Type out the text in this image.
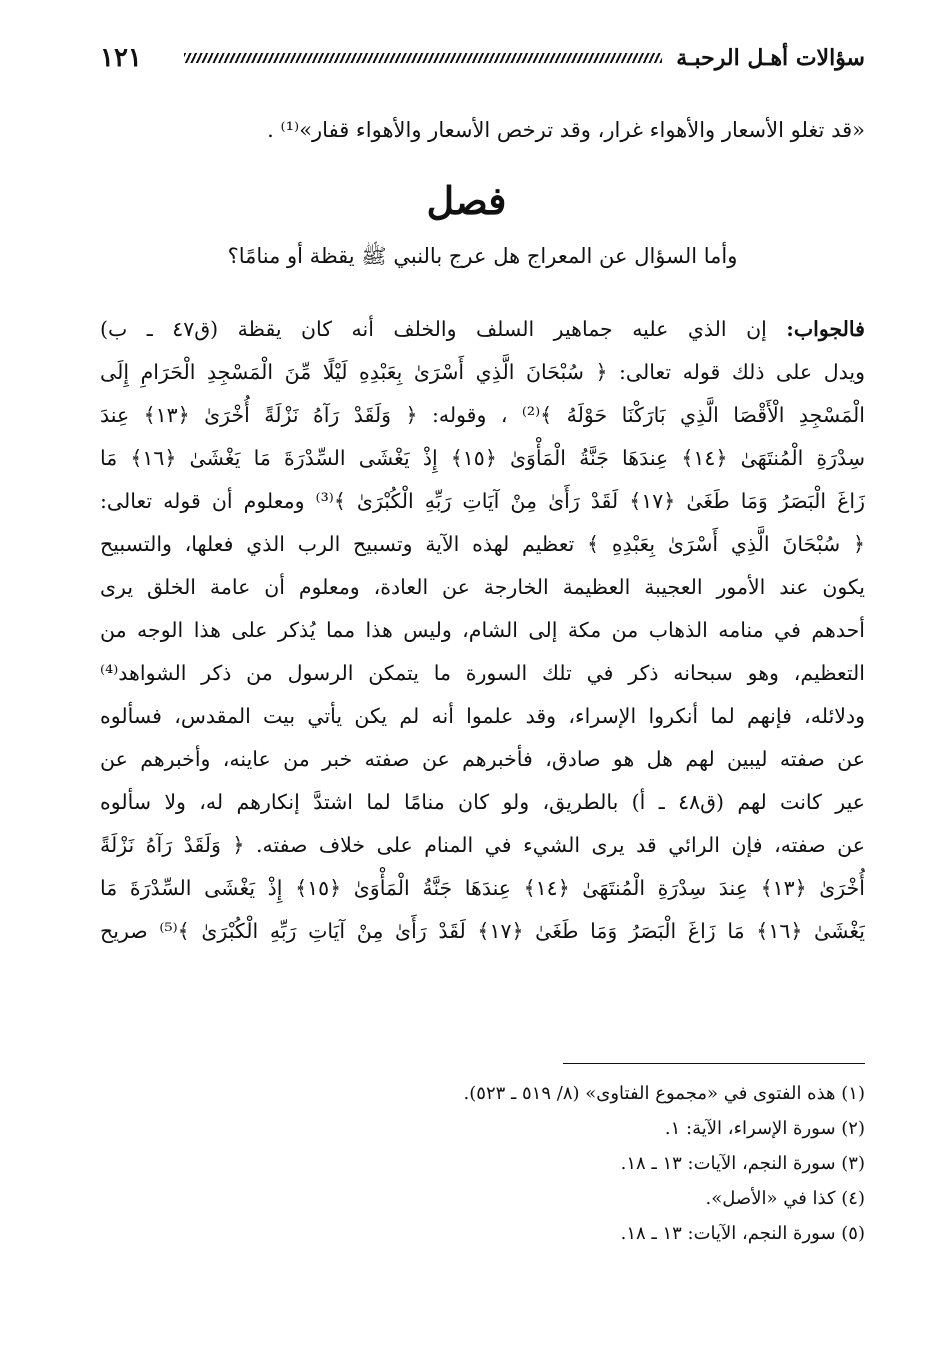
١٢١	سؤالات أهـل الرحبـة
«قد تغلو الأسعار والأهواء غرار، وقد ترخص الأسعار والأهواء قفار»⁽¹⁾ .
فصل
وأما السؤال عن المعراج هل عرج بالنبي ﷺ يقظة أو منامًا؟
فالجواب: إن الذي عليه جماهير السلف والخلف أنه كان يقظة (ق٤٧ ـ ب)
ويدل على ذلك قوله تعالى: ﴿ سُبْحَانَ الَّذِي أَسْرَىٰ بِعَبْدِهِ لَيْلًا مِّنَ الْمَسْجِدِ الْحَرَامِ إِلَى
الْمَسْجِدِ الْأَقْصَا الَّذِي بَارَكْنَا حَوْلَهُ ﴾⁽²⁾ ، وقوله: ﴿ وَلَقَدْ رَآهُ نَزْلَةً أُخْرَىٰ ﴿١٣﴾ عِندَ
سِدْرَةِ الْمُنتَهَىٰ ﴿١٤﴾ عِندَهَا جَنَّةُ الْمَأْوَىٰ ﴿١٥﴾ إِذْ يَغْشَى السِّدْرَةَ مَا يَغْشَىٰ ﴿١٦﴾ مَا
زَاغَ الْبَصَرُ وَمَا طَغَىٰ ﴿١٧﴾ لَقَدْ رَأَىٰ مِنْ آيَاتِ رَبِّهِ الْكُبْرَىٰ ﴾⁽³⁾ ومعلوم أن قوله تعالى:
﴿ سُبْحَانَ الَّذِي أَسْرَىٰ بِعَبْدِهِ ﴾ تعظيم لهذه الآية وتسبيح الرب الذي فعلها، والتسبيح
يكون عند الأمور العجيبة العظيمة الخارجة عن العادة، ومعلوم أن عامة الخلق يرى
أحدهم في منامه الذهاب من مكة إلى الشام، وليس هذا مما يُذكر على هذا الوجه من
التعظيم، وهو سبحانه ذكر في تلك السورة ما يتمكن الرسول من ذكر الشواهد⁽⁴⁾
ودلائله، فإنهم لما أنكروا الإسراء، وقد علموا أنه لم يكن يأتي بيت المقدس، فسألوه
عن صفته ليبين لهم هل هو صادق، فأخبرهم عن صفته خبر من عاينه، وأخبرهم عن
عير كانت لهم (ق٤٨ ـ أ) بالطريق، ولو كان منامًا لما اشتدَّ إنكارهم له، ولا سألوه
عن صفته، فإن الرائي قد يرى الشيء في المنام على خلاف صفته. ﴿ وَلَقَدْ رَآهُ نَزْلَةً
أُخْرَىٰ ﴿١٣﴾ عِندَ سِدْرَةِ الْمُنتَهَىٰ ﴿١٤﴾ عِندَهَا جَنَّةُ الْمَأْوَىٰ ﴿١٥﴾ إِذْ يَغْشَى السِّدْرَةَ مَا
يَغْشَىٰ ﴿١٦﴾ مَا زَاغَ الْبَصَرُ وَمَا طَغَىٰ ﴿١٧﴾ لَقَدْ رَأَىٰ مِنْ آيَاتِ رَبِّهِ الْكُبْرَىٰ ﴾⁽⁵⁾ صريح
(١) هذه الفتوى في «مجموع الفتاوى» (٨/ ٥١٩ ـ ٥٢٣).
(٢) سورة الإسراء، الآية: ١.
(٣) سورة النجم، الآيات: ١٣ ـ ١٨.
(٤) كذا في «الأصل».
(٥) سورة النجم، الآيات: ١٣ ـ ١٨.
